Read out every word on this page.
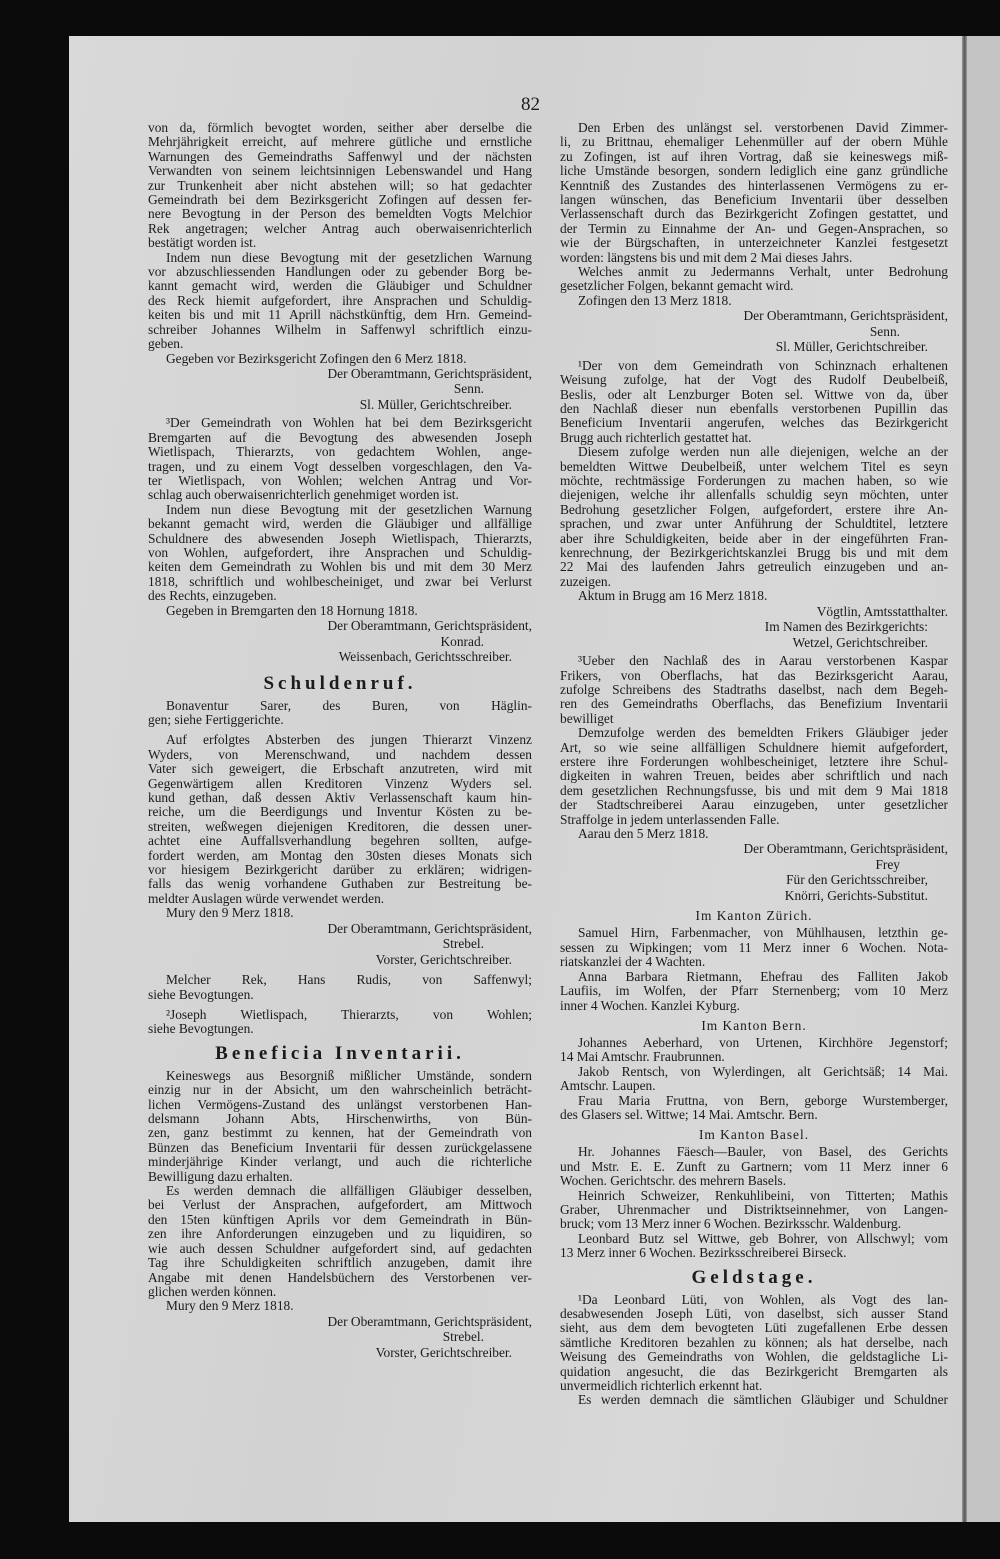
82
von da, förmlich bevogtet worden, seither aber derselbe die
Mehrjährigkeit erreicht, auf mehrere gütliche und ernstliche
Warnungen des Gemeindraths Saffenwyl und der nächsten
Verwandten von seinem leichtsinnigen Lebenswandel und Hang
zur Trunkenheit aber nicht abstehen will; so hat gedachter
Gemeindrath bei dem Bezirksgericht Zofingen auf dessen fer-
nere Bevogtung in der Person des bemeldten Vogts Melchior
Rek angetragen; welcher Antrag auch oberwaisenrichterlich
bestätigt worden ist.
Indem nun diese Bevogtung mit der gesetzlichen Warnung
vor abzuschliessenden Handlungen oder zu gebender Borg be-
kannt gemacht wird, werden die Gläubiger und Schuldner
des Reck hiemit aufgefordert, ihre Ansprachen und Schuldig-
keiten bis und mit 11 Aprill nächstkünftig, dem Hrn. Gemeind-
schreiber Johannes Wilhelm in Saffenwyl schriftlich einzu-
geben.
Gegeben vor Bezirksgericht Zofingen den 6 Merz 1818.
Der Oberamtmann, Gerichtspräsident,
Senn.
Sl. Müller, Gerichtschreiber.
³Der Gemeindrath von Wohlen hat bei dem Bezirksgericht
Bremgarten auf die Bevogtung des abwesenden Joseph
Wietlispach, Thierarzts, von gedachtem Wohlen, ange-
tragen, und zu einem Vogt desselben vorgeschlagen, den Va-
ter Wietlispach, von Wohlen; welchen Antrag und Vor-
schlag auch oberwaisenrichterlich genehmiget worden ist.
Indem nun diese Bevogtung mit der gesetzlichen Warnung
bekannt gemacht wird, werden die Gläubiger und allfällige
Schuldnere des abwesenden Joseph Wietlispach, Thierarzts,
von Wohlen, aufgefordert, ihre Ansprachen und Schuldig-
keiten dem Gemeindrath zu Wohlen bis und mit dem 30 Merz
1818, schriftlich und wohlbescheiniget, und zwar bei Verlurst
des Rechts, einzugeben.
Gegeben in Bremgarten den 18 Hornung 1818.
Der Oberamtmann, Gerichtspräsident,
Konrad.
Weissenbach, Gerichtsschreiber.
Schuldenruf.
Bonaventur Sarer, des Buren, von Häglin-
gen; siehe Fertiggerichte.
Auf erfolgtes Absterben des jungen Thierarzt Vinzenz
Wyders, von Merenschwand, und nachdem dessen
Vater sich geweigert, die Erbschaft anzutreten, wird mit
Gegenwärtigem allen Kreditoren Vinzenz Wyders sel.
kund gethan, daß dessen Aktiv Verlassenschaft kaum hin-
reiche, um die Beerdigungs und Inventur Kösten zu be-
streiten, weßwegen diejenigen Kreditoren, die dessen uner-
achtet eine Auffallsverhandlung begehren sollten, aufge-
fordert werden, am Montag den 30sten dieses Monats sich
vor hiesigem Bezirkgericht darüber zu erklären; widrigen-
falls das wenig vorhandene Guthaben zur Bestreitung be-
meldter Auslagen würde verwendet werden.
Mury den 9 Merz 1818.
Der Oberamtmann, Gerichtspräsident,
Strebel.
Vorster, Gerichtschreiber.
Melcher Rek, Hans Rudis, von Saffenwyl;
siehe Bevogtungen.
²Joseph Wietlispach, Thierarzts, von Wohlen;
siehe Bevogtungen.
Beneficia Inventarii.
Keineswegs aus Besorgniß mißlicher Umstände, sondern
einzig nur in der Absicht, um den wahrscheinlich beträcht-
lichen Vermögens-Zustand des unlängst verstorbenen Han-
delsmann Johann Abts, Hirschenwirths, von Bün-
zen, ganz bestimmt zu kennen, hat der Gemeindrath von
Bünzen das Beneficium Inventarii für dessen zurückgelassene
minderjährige Kinder verlangt, und auch die richterliche
Bewilligung dazu erhalten.
Es werden demnach die allfälligen Gläubiger desselben,
bei Verlust der Ansprachen, aufgefordert, am Mittwoch
den 15ten künftigen Aprils vor dem Gemeindrath in Bün-
zen ihre Anforderungen einzugeben und zu liquidiren, so
wie auch dessen Schuldner aufgefordert sind, auf gedachten
Tag ihre Schuldigkeiten schriftlich anzugeben, damit ihre
Angabe mit denen Handelsbüchern des Verstorbenen ver-
glichen werden können.
Mury den 9 Merz 1818.
Der Oberamtmann, Gerichtspräsident,
Strebel.
Vorster, Gerichtschreiber.
Den Erben des unlängst sel. verstorbenen David Zimmer-
li, zu Brittnau, ehemaliger Lehenmüller auf der obern Mühle
zu Zofingen, ist auf ihren Vortrag, daß sie keineswegs miß-
liche Umstände besorgen, sondern lediglich eine ganz gründliche
Kenntniß des Zustandes des hinterlassenen Vermögens zu er-
langen wünschen, das Beneficium Inventarii über desselben
Verlassenschaft durch das Bezirkgericht Zofingen gestattet, und
der Termin zu Einnahme der An- und Gegen-Ansprachen, so
wie der Bürgschaften, in unterzeichneter Kanzlei festgesetzt
worden: längstens bis und mit dem 2 Mai dieses Jahrs.
Welches anmit zu Jedermanns Verhalt, unter Bedrohung
gesetzlicher Folgen, bekannt gemacht wird.
Zofingen den 13 Merz 1818.
Der Oberamtmann, Gerichtspräsident,
Senn.
Sl. Müller, Gerichtschreiber.
¹Der von dem Gemeindrath von Schinznach erhaltenen
Weisung zufolge, hat der Vogt des Rudolf Deubelbeiß,
Beslis, oder alt Lenzburger Boten sel. Wittwe von da, über
den Nachlaß dieser nun ebenfalls verstorbenen Pupillin das
Beneficium Inventarii angerufen, welches das Bezirkgericht
Brugg auch richterlich gestattet hat.
Diesem zufolge werden nun alle diejenigen, welche an der
bemeldten Wittwe Deubelbeiß, unter welchem Titel es seyn
möchte, rechtmässige Forderungen zu machen haben, so wie
diejenigen, welche ihr allenfalls schuldig seyn möchten, unter
Bedrohung gesetzlicher Folgen, aufgefordert, erstere ihre An-
sprachen, und zwar unter Anführung der Schuldtitel, letztere
aber ihre Schuldigkeiten, beide aber in der eingeführten Fran-
kenrechnung, der Bezirkgerichtskanzlei Brugg bis und mit dem
22 Mai des laufenden Jahrs getreulich einzugeben und an-
zuzeigen.
Aktum in Brugg am 16 Merz 1818.
Vögtlin, Amtsstatthalter.
Im Namen des Bezirkgerichts:
Wetzel, Gerichtschreiber.
³Ueber den Nachlaß des in Aarau verstorbenen Kaspar
Frikers, von Oberflachs, hat das Bezirksgericht Aarau,
zufolge Schreibens des Stadtraths daselbst, nach dem Begeh-
ren des Gemeindraths Oberflachs, das Benefizium Inventarii
bewilliget
Demzufolge werden des bemeldten Frikers Gläubiger jeder
Art, so wie seine allfälligen Schuldnere hiemit aufgefordert,
erstere ihre Forderungen wohlbescheiniget, letztere ihre Schul-
digkeiten in wahren Treuen, beides aber schriftlich und nach
dem gesetzlichen Rechnungsfusse, bis und mit dem 9 Mai 1818
der Stadtschreiberei Aarau einzugeben, unter gesetzlicher
Straffolge in jedem unterlassenden Falle.
Aarau den 5 Merz 1818.
Der Oberamtmann, Gerichtspräsident,
Frey
Für den Gerichtsschreiber,
Knörri, Gerichts-Substitut.
Im Kanton Zürich.
Samuel Hirn, Farbenmacher, von Mühlhausen, letzthin ge-
sessen zu Wipkingen; vom 11 Merz inner 6 Wochen. Nota-
riatskanzlei der 4 Wachten.
Anna Barbara Rietmann, Ehefrau des Falliten Jakob
Laufiis, im Wolfen, der Pfarr Sternenberg; vom 10 Merz
inner 4 Wochen. Kanzlei Kyburg.
Im Kanton Bern.
Johannes Aeberhard, von Urtenen, Kirchhöre Jegenstorf;
14 Mai Amtschr. Fraubrunnen.
Jakob Rentsch, von Wylerdingen, alt Gerichtsäß; 14 Mai.
Amtschr. Laupen.
Frau Maria Fruttna, von Bern, geborge Wurstemberger,
des Glasers sel. Wittwe; 14 Mai. Amtschr. Bern.
Im Kanton Basel.
Hr. Johannes Fäesch—Bauler, von Basel, des Gerichts
und Mstr. E. E. Zunft zu Gartnern; vom 11 Merz inner 6
Wochen. Gerichtschr. des mehrern Basels.
Heinrich Schweizer, Renkuhlibeini, von Titterten; Mathis
Graber, Uhrenmacher und Distriktseinnehmer, von Langen-
bruck; vom 13 Merz inner 6 Wochen. Bezirksschr. Waldenburg.
Leonbard Butz sel Wittwe, geb Bohrer, von Allschwyl; vom
13 Merz inner 6 Wochen. Bezirksschreiberei Birseck.
Geldstage.
¹Da Leonbard Lüti, von Wohlen, als Vogt des lan-
desabwesenden Joseph Lüti, von daselbst, sich ausser Stand
sieht, aus dem dem bevogteten Lüti zugefallenen Erbe dessen
sämtliche Kreditoren bezahlen zu können; als hat derselbe, nach
Weisung des Gemeindraths von Wohlen, die geldstagliche Li-
quidation angesucht, die das Bezirkgericht Bremgarten als
unvermeidlich richterlich erkennt hat.
Es werden demnach die sämtlichen Gläubiger und Schuldner
